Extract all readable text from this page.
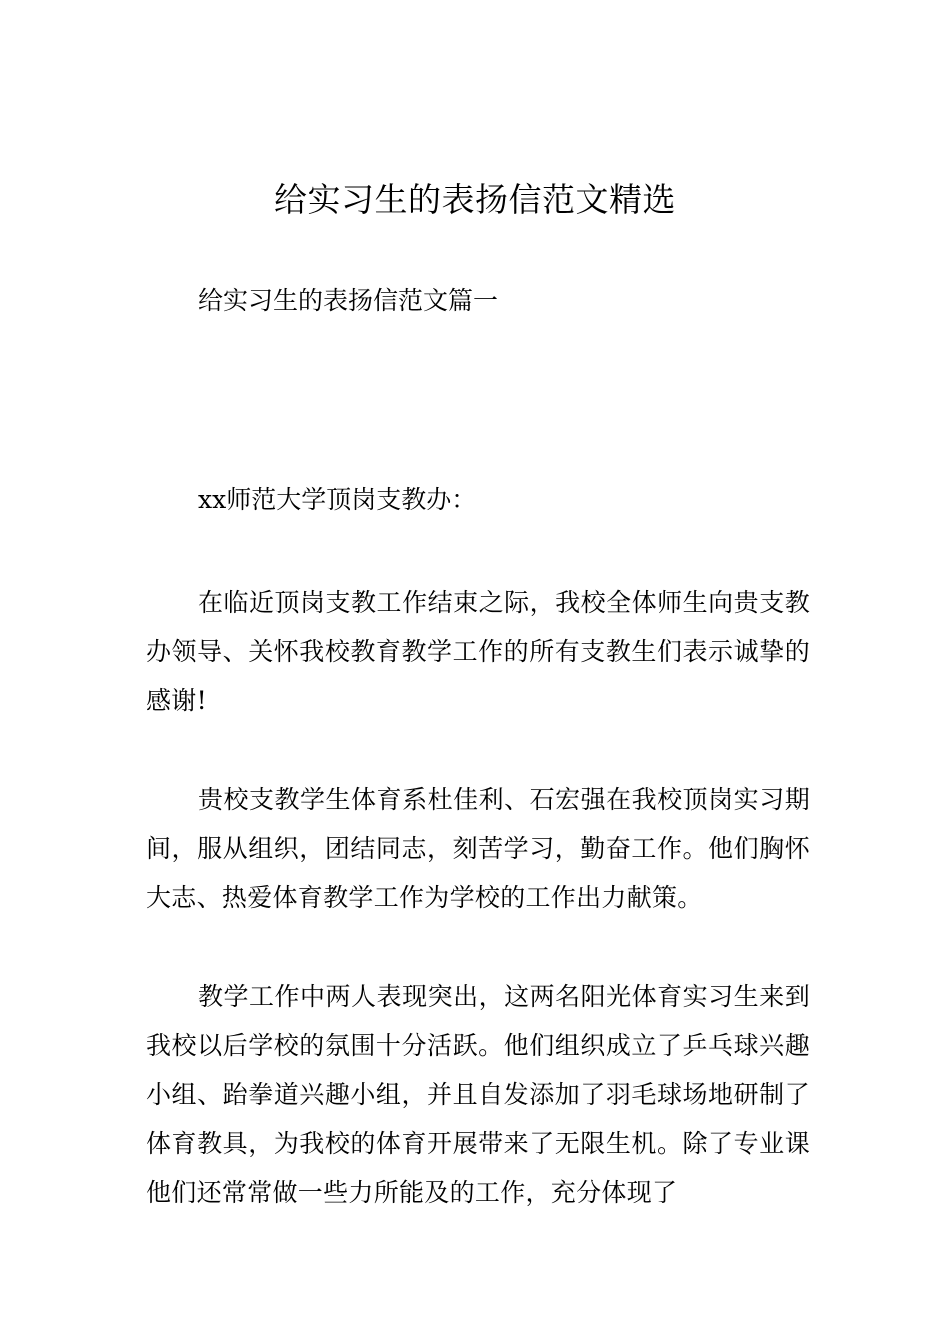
给实习生的表扬信范文精选

给实习生的表扬信范文篇一

xx师范大学顶岗支教办：

在临近顶岗支教工作结束之际，我校全体师生向贵支教办领导、关怀我校教育教学工作的所有支教生们表示诚挚的感谢!

贵校支教学生体育系杜佳利、石宏强在我校顶岗实习期间，服从组织，团结同志，刻苦学习，勤奋工作。他们胸怀大志、热爱体育教学工作为学校的工作出力献策。

教学工作中两人表现突出，这两名阳光体育实习生来到我校以后学校的氛围十分活跃。他们组织成立了乒乓球兴趣小组、跆拳道兴趣小组，并且自发添加了羽毛球场地研制了体育教具，为我校的体育开展带来了无限生机。除了专业课他们还常常做一些力所能及的工作，充分体现了
